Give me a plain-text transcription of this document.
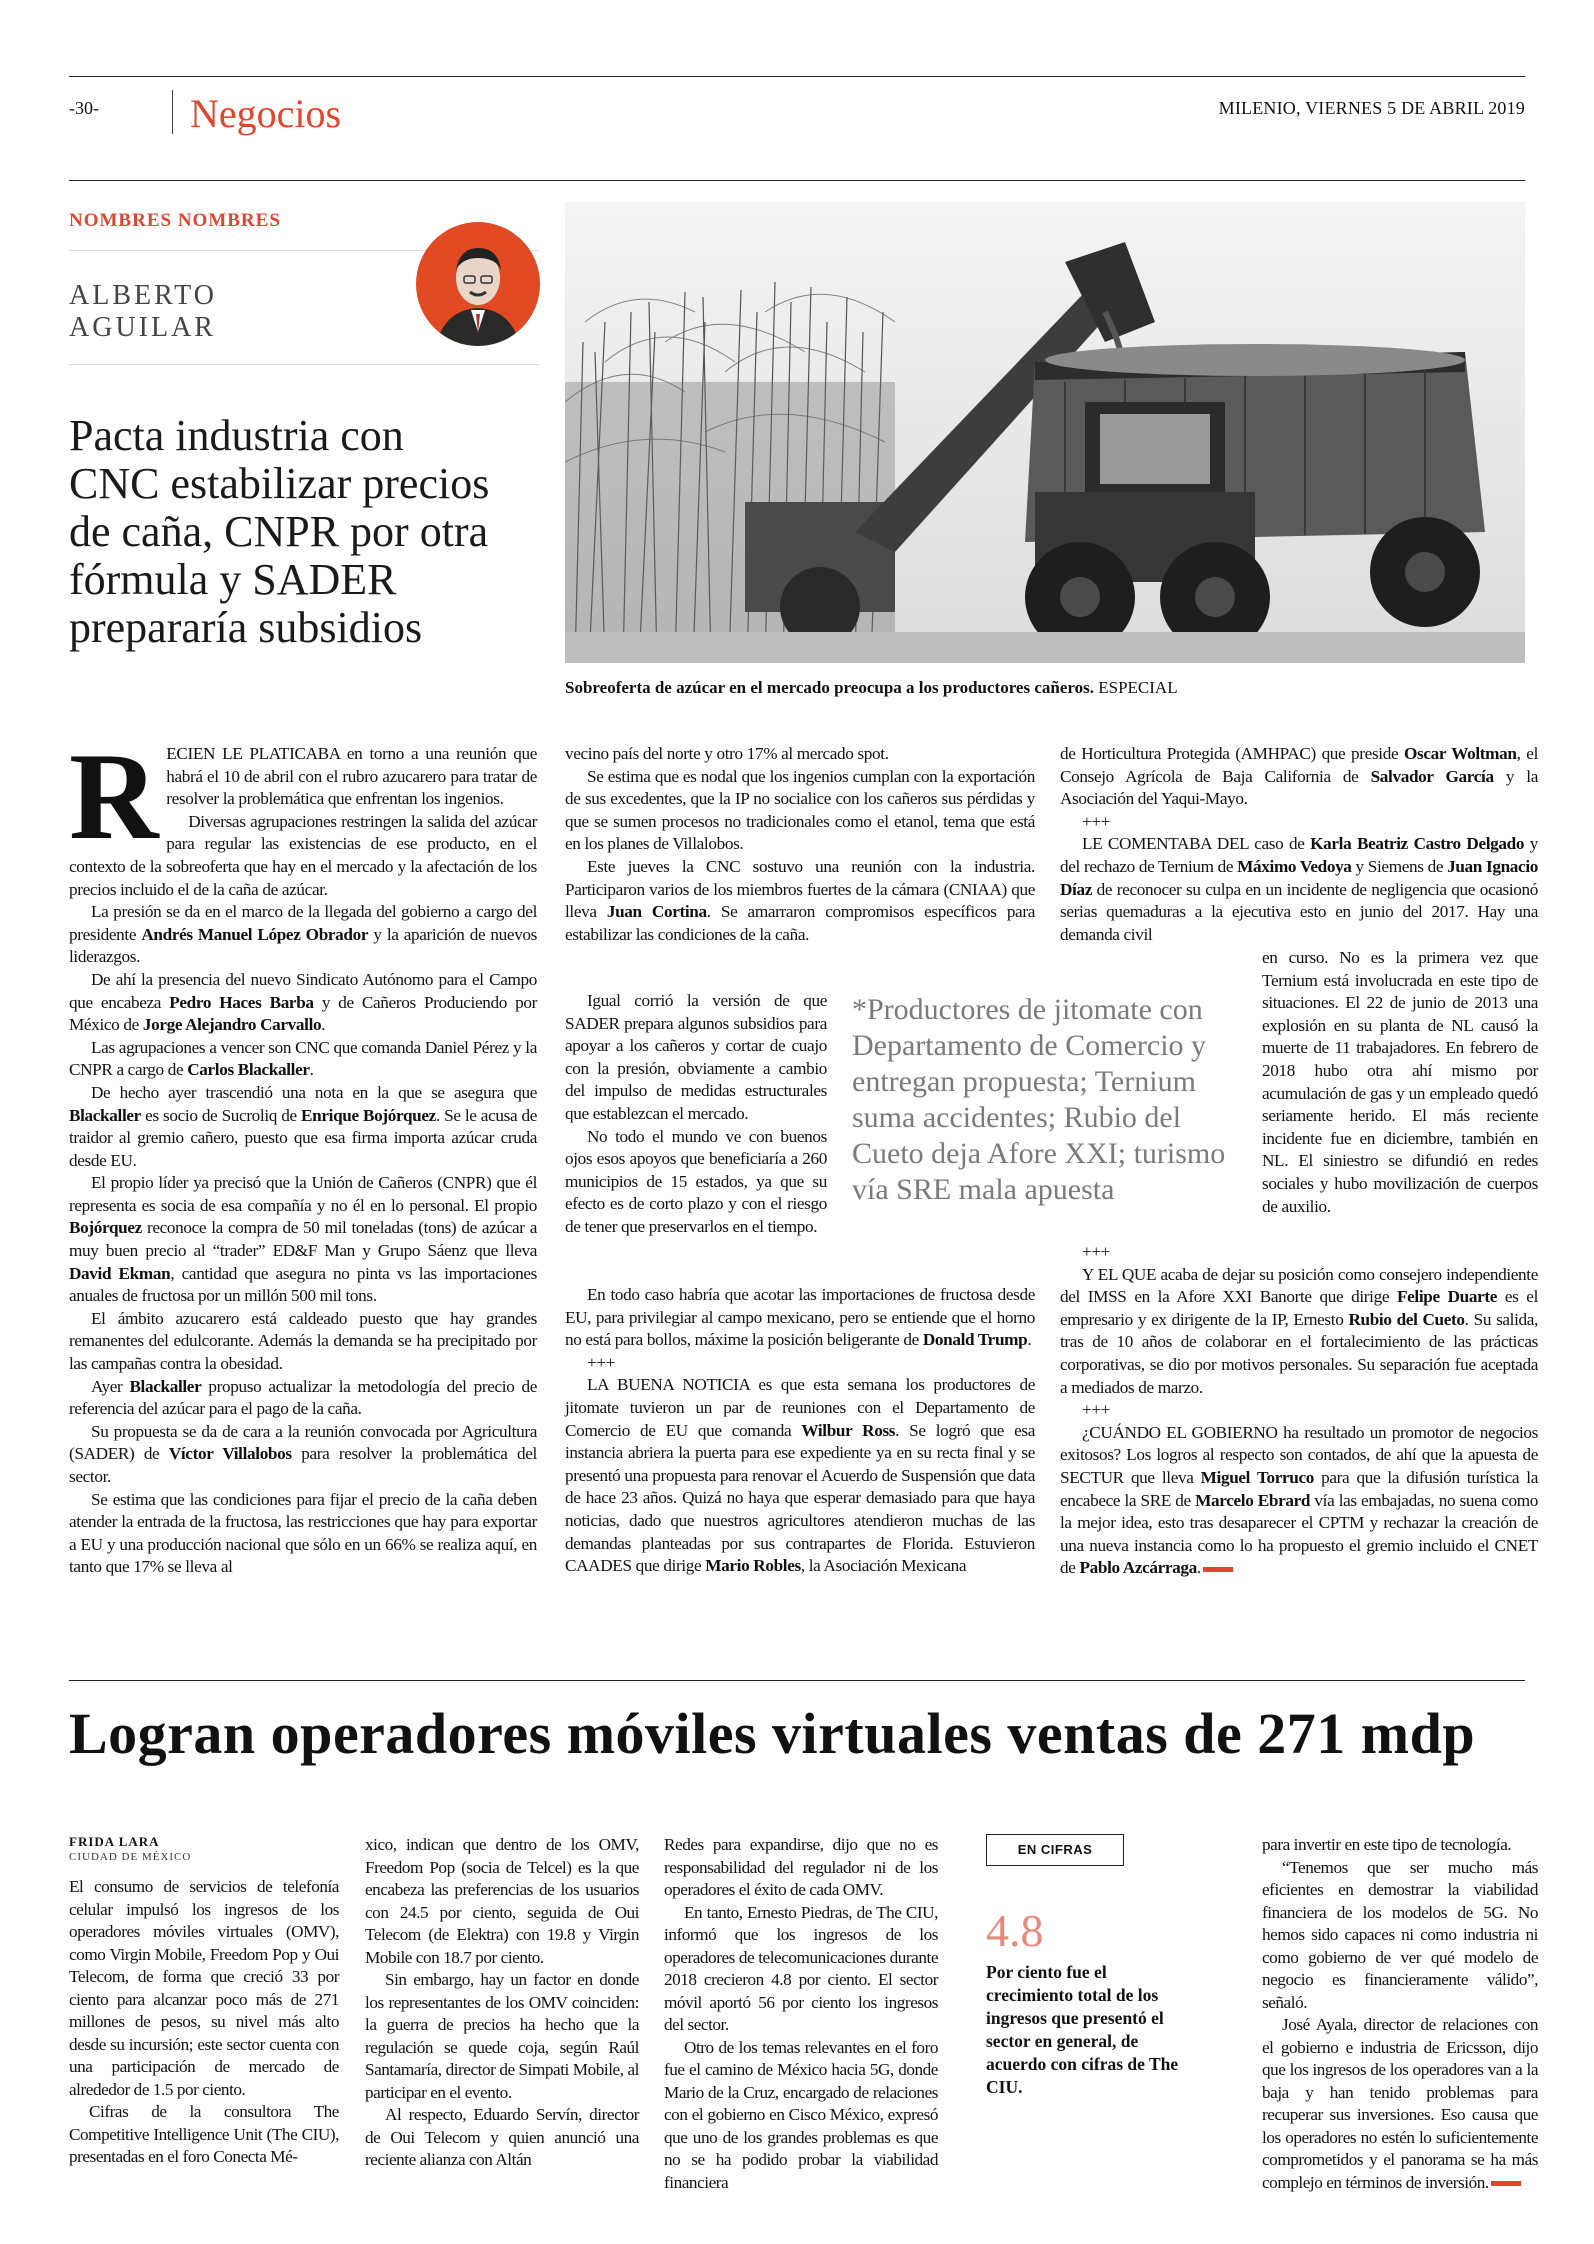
-30- Negocios	MILENIO, VIERNES 5 DE ABRIL 2019
NOMBRES NOMBRES
ALBERTO
AGUILAR
Pacta industria con CNC estabilizar precios de caña, CNPR por otra fórmula y SADER prepararía subsidios
Sobreoferta de azúcar en el mercado preocupa a los productores cañeros. ESPECIAL

RECIEN LE PLATICABA en torno a una reunión que habrá el 10 de abril con el rubro azucarero para tratar de resolver la problemática que enfrentan los ingenios.

Diversas agrupaciones restringen la salida del azúcar para regular las existencias de ese producto, en el contexto de la sobreoferta que hay en el mercado y la afectación de los precios incluido el de la caña de azúcar.

La presión se da en el marco de la llegada del gobierno a cargo del presidente Andrés Manuel López Obrador y la aparición de nuevos liderazgos.

De ahí la presencia del nuevo Sindicato Autónomo para el Campo que encabeza Pedro Haces Barba y de Cañeros Produciendo por México de Jorge Alejandro Carvallo.

Las agrupaciones a vencer son CNC que comanda Daniel Pérez y la CNPR a cargo de Carlos Blackaller.

De hecho ayer trascendió una nota en la que se asegura que Blackaller es socio de Sucroliq de Enrique Bojórquez. Se le acusa de traidor al gremio cañero, puesto que esa firma importa azúcar cruda desde EU.

El propio líder ya precisó que la Unión de Cañeros (CNPR) que él representa es socia de esa compañía y no él en lo personal. El propio Bojórquez reconoce la compra de 50 mil toneladas (tons) de azúcar a muy buen precio al “trader” ED&F Man y Grupo Sáenz que lleva David Ekman, cantidad que asegura no pinta vs las importaciones anuales de fructosa por un millón 500 mil tons.

El ámbito azucarero está caldeado puesto que hay grandes remanentes del edulcorante. Además la demanda se ha precipitado por las campañas contra la obesidad.

Ayer Blackaller propuso actualizar la metodología del precio de referencia del azúcar para el pago de la caña.

Su propuesta se da de cara a la reunión convocada por Agricultura (SADER) de Víctor Villalobos para resolver la problemática del sector.

Se estima que las condiciones para fijar el precio de la caña deben atender la entrada de la fructosa, las restricciones que hay para exportar a EU y una producción nacional que sólo en un 66% se realiza aquí, en tanto que 17% se lleva al

vecino país del norte y otro 17% al mercado spot.

Se estima que es nodal que los ingenios cumplan con la exportación de sus excedentes, que la IP no socialice con los cañeros sus pérdidas y que se sumen procesos no tradicionales como el etanol, tema que está en los planes de Villalobos.

Este jueves la CNC sostuvo una reunión con la industria. Participaron varios de los miembros fuertes de la cámara (CNIAA) que lleva Juan Cortina. Se amarraron compromisos específicos para estabilizar las condiciones de la caña.

Igual corrió la versión de que SADER prepara algunos subsidios para apoyar a los cañeros y cortar de cuajo con la presión, obviamente a cambio del impulso de medidas estructurales que establezcan el mercado.

No todo el mundo ve con buenos ojos esos apoyos que beneficiaría a 260 municipios de 15 estados, ya que su efecto es de corto plazo y con el riesgo de tener que preservarlos en el tiempo.

En todo caso habría que acotar las importaciones de fructosa desde EU, para privilegiar al campo mexicano, pero se entiende que el horno no está para bollos, máxime la posición beligerante de Donald Trump.

+++

LA BUENA NOTICIA es que esta semana los productores de jitomate tuvieron un par de reuniones con el Departamento de Comercio de EU que comanda Wilbur Ross. Se logró que esa instancia abriera la puerta para ese expediente ya en su recta final y se presentó una propuesta para renovar el Acuerdo de Suspensión que data de hace 23 años. Quizá no haya que esperar demasiado para que haya noticias, dado que nuestros agricultores atendieron muchas de las demandas planteadas por sus contrapartes de Florida. Estuvieron CAADES que dirige Mario Robles, la Asociación Mexicana

*Productores de jitomate con Departamento de Comercio y entregan propuesta; Ternium suma accidentes; Rubio del Cueto deja Afore XXI; turismo vía SRE mala apuesta

de Horticultura Protegida (AMHPAC) que preside Oscar Woltman, el Consejo Agrícola de Baja California de Salvador García y la Asociación del Yaqui-Mayo.

+++

LE COMENTABA DEL caso de Karla Beatriz Castro Delgado y del rechazo de Ternium de Máximo Vedoya y Siemens de Juan Ignacio Díaz de reconocer su culpa en un incidente de negligencia que ocasionó serias quemaduras a la ejecutiva esto en junio del 2017. Hay una demanda civil

en curso. No es la primera vez que Ternium está involucrada en este tipo de situaciones. El 22 de junio de 2013 una explosión en su planta de NL causó la muerte de 11 trabajadores. En febrero de 2018 hubo otra ahí mismo por acumulación de gas y un empleado quedó seriamente herido. El más reciente incidente fue en diciembre, también en NL. El siniestro se difundió en redes sociales y hubo movilización de cuerpos de auxilio.

+++

Y EL QUE acaba de dejar su posición como consejero independiente del IMSS en la Afore XXI Banorte que dirige Felipe Duarte es el empresario y ex dirigente de la IP, Ernesto Rubio del Cueto. Su salida, tras de 10 años de colaborar en el fortalecimiento de las prácticas corporativas, se dio por motivos personales. Su separación fue aceptada a mediados de marzo.

+++

¿CUÁNDO EL GOBIERNO ha resultado un promotor de negocios exitosos? Los logros al respecto son contados, de ahí que la apuesta de SECTUR que lleva Miguel Torruco para que la difusión turística la encabece la SRE de Marcelo Ebrard vía las embajadas, no suena como la mejor idea, esto tras desaparecer el CPTM y rechazar la creación de una nueva instancia como lo ha propuesto el gremio incluido el CNET de Pablo Azcárraga.

Logran operadores móviles virtuales ventas de 271 mdp
FRIDA LARA
CIUDAD DE MÉXICO

El consumo de servicios de telefonía celular impulsó los ingresos de los operadores móviles virtuales (OMV), como Virgin Mobile, Freedom Pop y Oui Telecom, de forma que creció 33 por ciento para alcanzar poco más de 271 millones de pesos, su nivel más alto desde su incursión; este sector cuenta con una participación de mercado de alrededor de 1.5 por ciento.

Cifras de la consultora The Competitive Intelligence Unit (The CIU), presentadas en el foro Conecta Mé-

xico, indican que dentro de los OMV, Freedom Pop (socia de Telcel) es la que encabeza las preferencias de los usuarios con 24.5 por ciento, seguida de Oui Telecom (de Elektra) con 19.8 y Virgin Mobile con 18.7 por ciento.

Sin embargo, hay un factor en donde los representantes de los OMV coinciden: la guerra de precios ha hecho que la regulación se quede coja, según Raúl Santamaría, director de Simpati Mobile, al participar en el evento.

Al respecto, Eduardo Servín, director de Oui Telecom y quien anunció una reciente alianza con Altán

Redes para expandirse, dijo que no es responsabilidad del regulador ni de los operadores el éxito de cada OMV.

En tanto, Ernesto Piedras, de The CIU, informó que los ingresos de los operadores de telecomunicaciones durante 2018 crecieron 4.8 por ciento. El sector móvil aportó 56 por ciento los ingresos del sector.

Otro de los temas relevantes en el foro fue el camino de México hacia 5G, donde Mario de la Cruz, encargado de relaciones con el gobierno en Cisco México, expresó que uno de los grandes problemas es que no se ha podido probar la viabilidad financiera

EN CIFRAS
4.8
Por ciento fue el crecimiento total de los ingresos que presentó el sector en general, de acuerdo con cifras de The CIU.

para invertir en este tipo de tecnología.

“Tenemos que ser mucho más eficientes en demostrar la viabilidad financiera de los modelos de 5G. No hemos sido capaces ni como industria ni como gobierno de ver qué modelo de negocio es financieramente válido”, señaló.

José Ayala, director de relaciones con el gobierno e industria de Ericsson, dijo que los ingresos de los operadores van a la baja y han tenido problemas para recuperar sus inversiones. Eso causa que los operadores no estén lo suficientemente comprometidos y el panorama se ha más complejo en términos de inversión.
